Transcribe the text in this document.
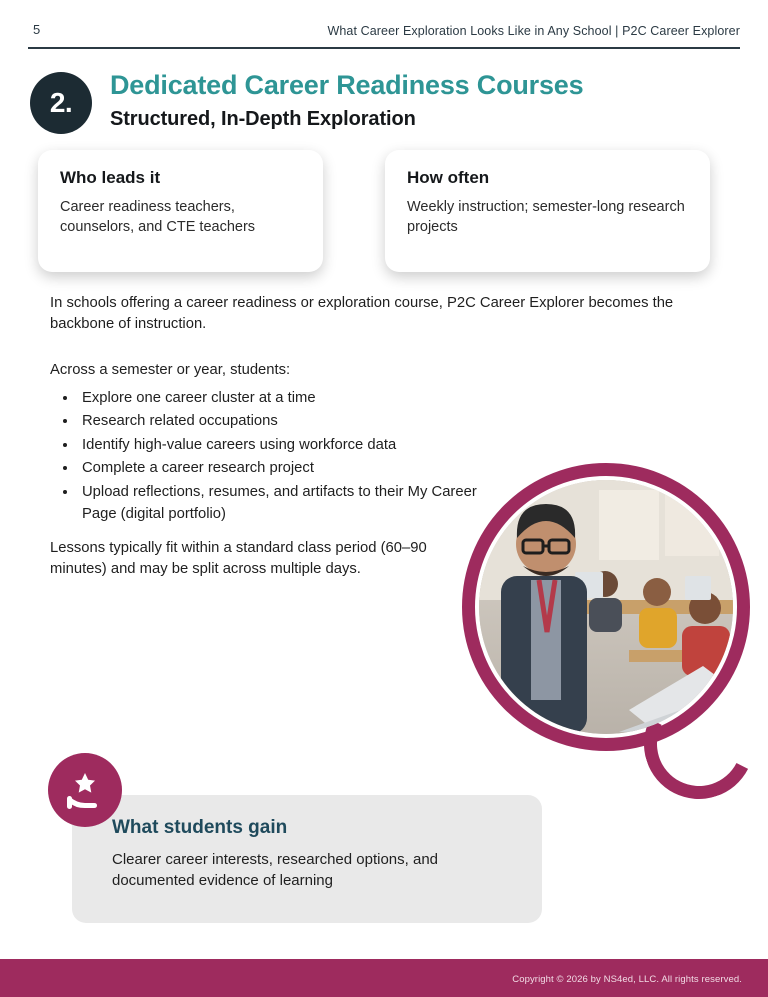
5	What Career Exploration Looks Like in Any School | P2C Career Explorer
2.
Dedicated Career Readiness Courses
Structured, In-Depth Exploration
Who leads it
Career readiness teachers, counselors, and CTE teachers
How often
Weekly instruction; semester-long research projects
In schools offering a career readiness or exploration course, P2C Career Explorer becomes the backbone of instruction.
Across a semester or year, students:
• Explore one career cluster at a time
• Research related occupations
• Identify high-value careers using workforce data
• Complete a career research project
• Upload reflections, resumes, and artifacts to their My Career Page (digital portfolio)
Lessons typically fit within a standard class period (60–90 minutes) and may be split across multiple days.
What students gain
Clearer career interests, researched options, and documented evidence of learning
Copyright © 2026 by NS4ed, LLC. All rights reserved.
